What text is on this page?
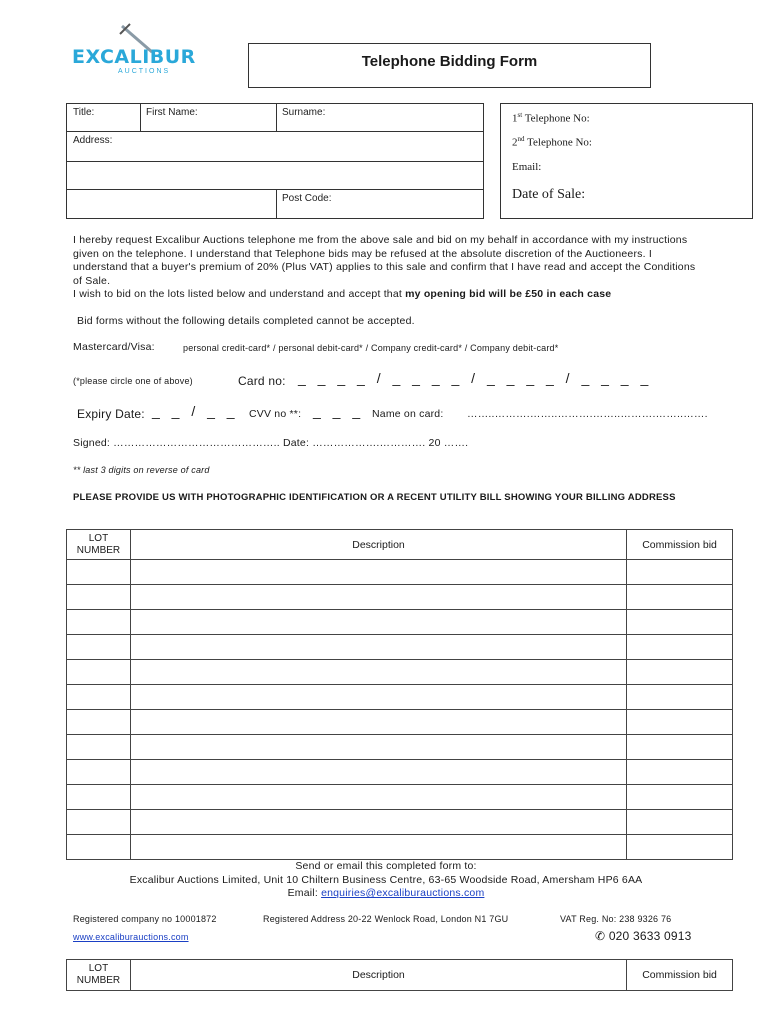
EXCALIBUR
AUCTIONS
Telephone Bidding Form
Title:	First Name:	Surname:
Address:
Post Code:
1st Telephone No:
2nd Telephone No:
Email:
Date of Sale:
I hereby request Excalibur Auctions telephone me from the above sale and bid on my behalf in accordance with my instructions given on the telephone. I understand that Telephone bids may be refused at the absolute discretion of the Auctioneers. I understand that a buyer's premium of 20% (Plus VAT) applies to this sale and confirm that I have read and accept the Conditions of Sale.
I wish to bid on the lots listed below and understand and accept that my opening bid will be £50 in each case
Bid forms without the following details completed cannot be accepted.
Mastercard/Visa:	personal credit-card* / personal debit-card* / Company credit-card* / Company debit-card*
(*please circle one of above)	Card no: _ _ _ _ / _ _ _ _ / _ _ _ _ / _ _ _ _
Expiry Date: _ _ / _ _ CVV no **: _ _ _ Name on card: ……..……….……..……….……..……….……..…….
Signed: ……………………………………….. Date: ……………….…………. 20 …….
** last 3 digits on reverse of card
PLEASE PROVIDE US WITH PHOTOGRAPHIC IDENTIFICATION OR A RECENT UTILITY BILL SHOWING YOUR BILLING ADDRESS
LOT NUMBER	Description	Commission bid

Send or email this completed form to:
Excalibur Auctions Limited, Unit 10 Chiltern Business Centre, 63-65 Woodside Road, Amersham HP6 6AA
Email: enquiries@excaliburauctions.com
Registered company no 10001872	Registered Address 20-22 Wenlock Road, London N1 7GU	VAT Reg. No: 238 9326 76
www.excaliburauctions.com	✆ 020 3633 0913
LOT NUMBER	Description	Commission bid
